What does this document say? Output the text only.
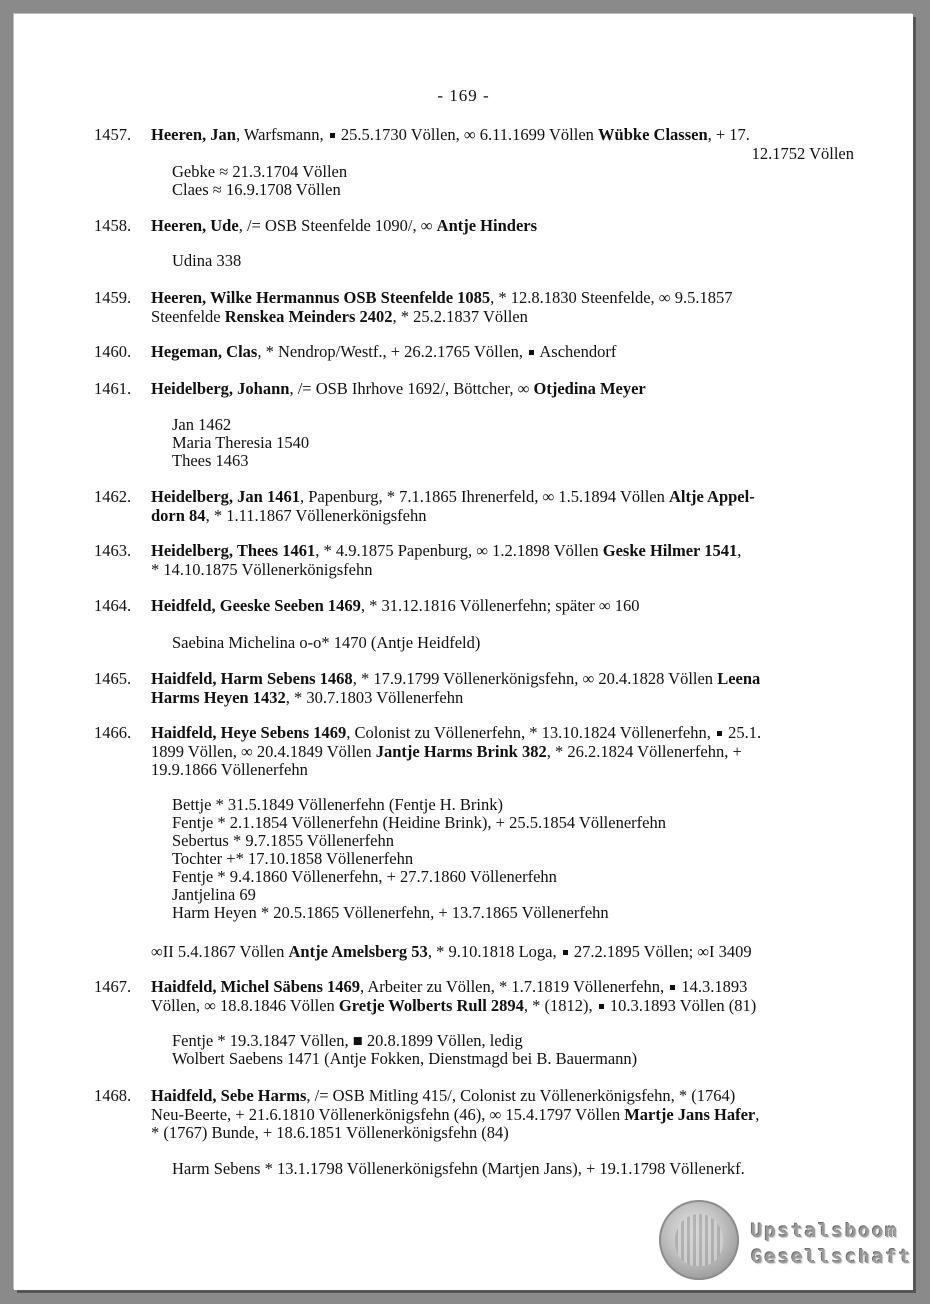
- 169 -
1457.	Heeren, Jan, Warfsmann,  25.5.1730 Völlen, ∞ 6.11.1699 Völlen Wübke Classen, + 17.
12.1752 Völlen
Gebke ≈ 21.3.1704 Völlen
Claes ≈ 16.9.1708 Völlen
1458.	Heeren, Ude, /= OSB Steenfelde 1090/, ∞ Antje Hinders
Udina 338
1459.	Heeren, Wilke Hermannus OSB Steenfelde 1085, * 12.8.1830 Steenfelde, ∞ 9.5.1857
Steenfelde Renskea Meinders 2402, * 25.2.1837 Völlen
1460.	Hegeman, Clas, * Nendrop/Westf., + 26.2.1765 Völlen,  Aschendorf
1461.	Heidelberg, Johann, /= OSB Ihrhove 1692/, Böttcher, ∞ Otjedina Meyer
Jan 1462
Maria Theresia 1540
Thees 1463
1462.	Heidelberg, Jan 1461, Papenburg, * 7.1.1865 Ihrenerfeld, ∞ 1.5.1894 Völlen Altje Appel-
dorn 84, * 1.11.1867 Völlenerkönigsfehn
1463.	Heidelberg, Thees 1461, * 4.9.1875 Papenburg, ∞ 1.2.1898 Völlen Geske Hilmer 1541,
* 14.10.1875 Völlenerkönigsfehn
1464.	Heidfeld, Geeske Seeben 1469, * 31.12.1816 Völlenerfehn; später ∞ 160
Saebina Michelina o-o* 1470 (Antje Heidfeld)
1465.	Haidfeld, Harm Sebens 1468, * 17.9.1799 Völlenerkönigsfehn, ∞ 20.4.1828 Völlen Leena
Harms Heyen 1432, * 30.7.1803 Völlenerfehn
1466.	Haidfeld, Heye Sebens 1469, Colonist zu Völlenerfehn, * 13.10.1824 Völlenerfehn,  25.1.
1899 Völlen, ∞ 20.4.1849 Völlen Jantje Harms Brink 382, * 26.2.1824 Völlenerfehn, +
19.9.1866 Völlenerfehn
Bettje * 31.5.1849 Völlenerfehn (Fentje H. Brink)
Fentje * 2.1.1854 Völlenerfehn (Heidine Brink), + 25.5.1854 Völlenerfehn
Sebertus * 9.7.1855 Völlenerfehn
Tochter +* 17.10.1858 Völlenerfehn
Fentje * 9.4.1860 Völlenerfehn, + 27.7.1860 Völlenerfehn
Jantjelina 69
Harm Heyen * 20.5.1865 Völlenerfehn, + 13.7.1865 Völlenerfehn
∞II 5.4.1867 Völlen Antje Amelsberg 53, * 9.10.1818 Loga,  27.2.1895 Völlen; ∞I 3409
1467.	Haidfeld, Michel Säbens 1469, Arbeiter zu Völlen, * 1.7.1819 Völlenerfehn,  14.3.1893
Völlen, ∞ 18.8.1846 Völlen Gretje Wolberts Rull 2894, * (1812),  10.3.1893 Völlen (81)
Fentje * 19.3.1847 Völlen, ■ 20.8.1899 Völlen, ledig
Wolbert Saebens 1471 (Antje Fokken, Dienstmagd bei B. Bauermann)
1468.	Haidfeld, Sebe Harms, /= OSB Mitling 415/, Colonist zu Völlenerkönigsfehn, * (1764)
Neu-Beerte, + 21.6.1810 Völlenerkönigsfehn (46), ∞ 15.4.1797 Völlen Martje Jans Hafer,
* (1767) Bunde, + 18.6.1851 Völlenerkönigsfehn (84)
Harm Sebens * 13.1.1798 Völlenerkönigsfehn (Martjen Jans), + 19.1.1798 Völlenerkf.
Upstalsboom
Gesellschaft
